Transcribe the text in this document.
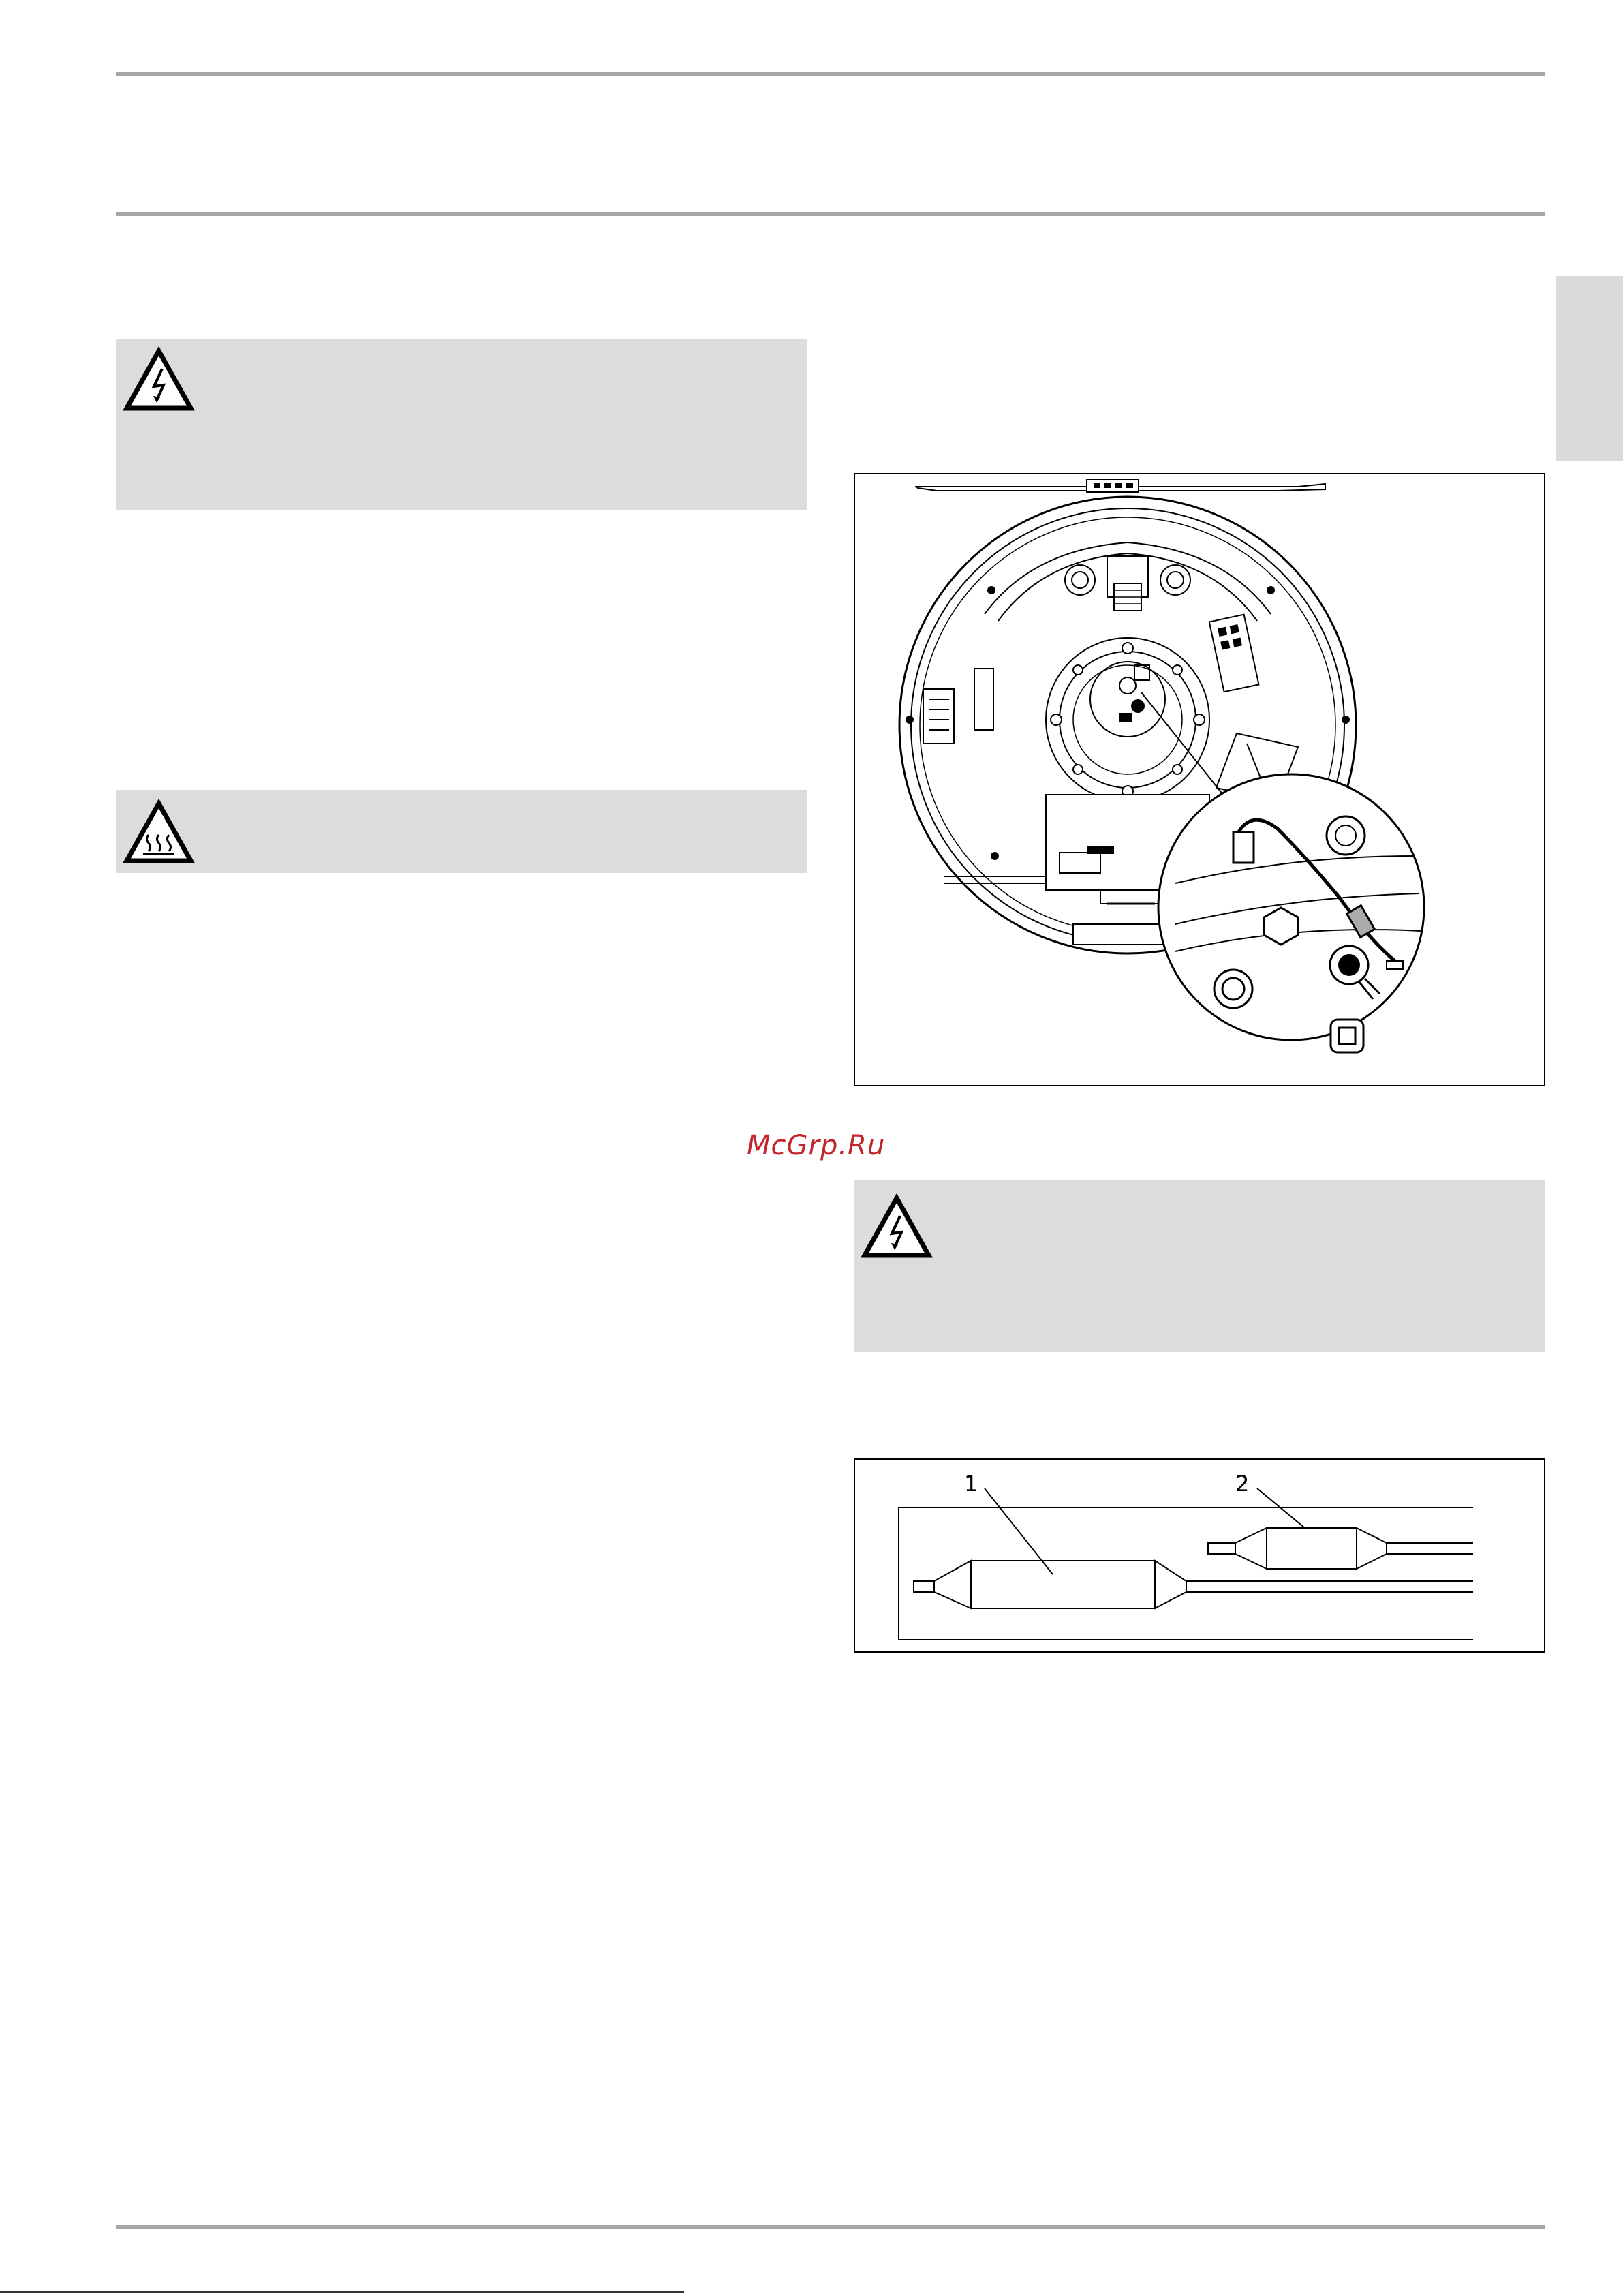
McGrp.Ru
1	2
